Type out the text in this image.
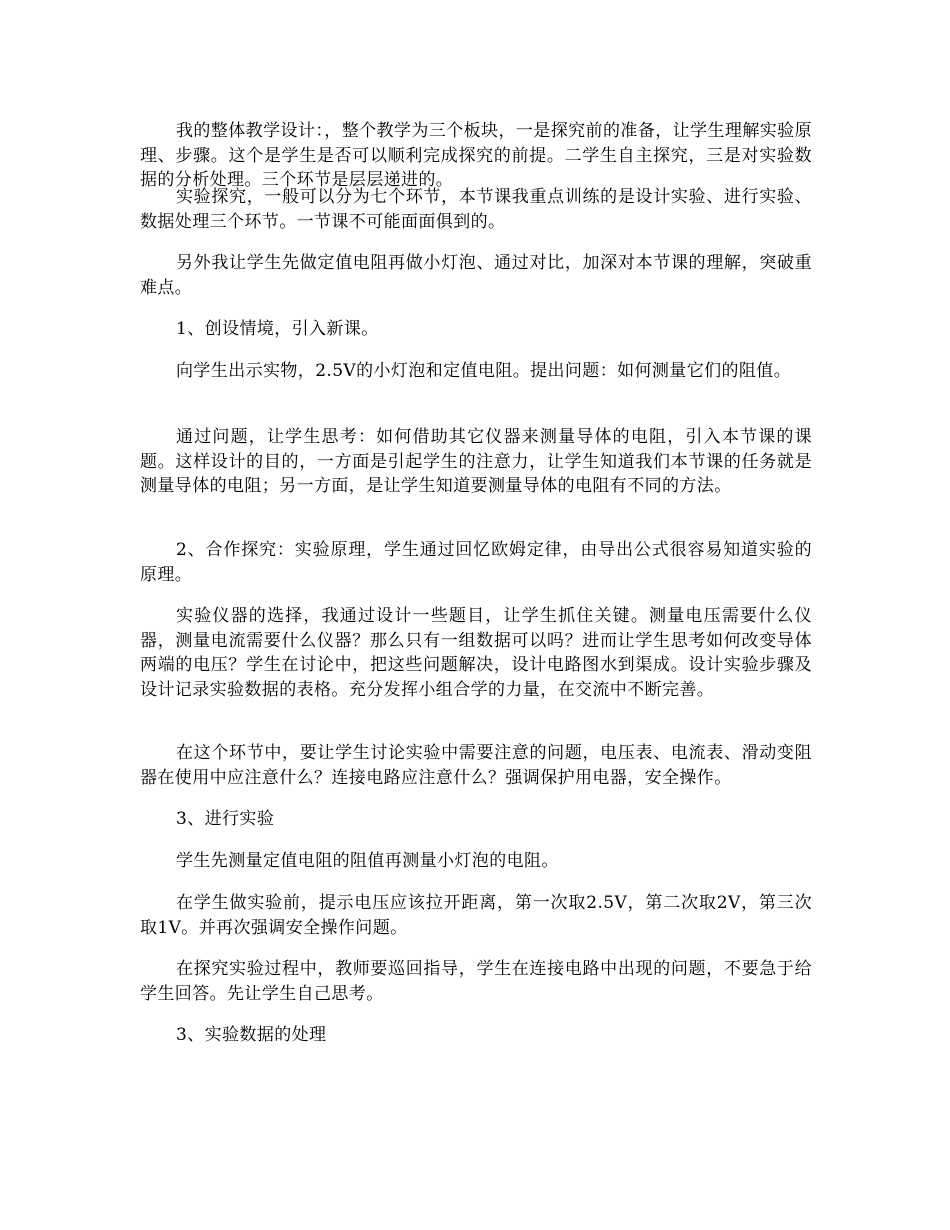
我的整体教学设计：，整个教学为三个板块，一是探究前的准备，让学生理解实验原理、步骤。这个是学生是否可以顺利完成探究的前提。二学生自主探究，三是对实验数据的分析处理。三个环节是层层递进的。

实验探究，一般可以分为七个环节，本节课我重点训练的是设计实验、进行实验、数据处理三个环节。一节课不可能面面俱到的。

另外我让学生先做定值电阻再做小灯泡、通过对比，加深对本节课的理解，突破重难点。

1、创设情境，引入新课。

向学生出示实物，2.5V的小灯泡和定值电阻。提出问题：如何测量它们的阻值。

通过问题，让学生思考：如何借助其它仪器来测量导体的电阻，引入本节课的课题。这样设计的目的，一方面是引起学生的注意力，让学生知道我们本节课的任务就是测量导体的电阻；另一方面，是让学生知道要测量导体的电阻有不同的方法。

2、合作探究：实验原理，学生通过回忆欧姆定律，由导出公式很容易知道实验的原理。

实验仪器的选择，我通过设计一些题目，让学生抓住关键。测量电压需要什么仪器，测量电流需要什么仪器？那么只有一组数据可以吗？进而让学生思考如何改变导体两端的电压？学生在讨论中，把这些问题解决，设计电路图水到渠成。设计实验步骤及设计记录实验数据的表格。充分发挥小组合学的力量，在交流中不断完善。

在这个环节中，要让学生讨论实验中需要注意的问题，电压表、电流表、滑动变阻器在使用中应注意什么？连接电路应注意什么？强调保护用电器，安全操作。

3、进行实验

学生先测量定值电阻的阻值再测量小灯泡的电阻。

在学生做实验前，提示电压应该拉开距离，第一次取2.5V，第二次取2V，第三次取1V。并再次强调安全操作问题。

在探究实验过程中，教师要巡回指导，学生在连接电路中出现的问题，不要急于给学生回答。先让学生自己思考。

3、实验数据的处理
